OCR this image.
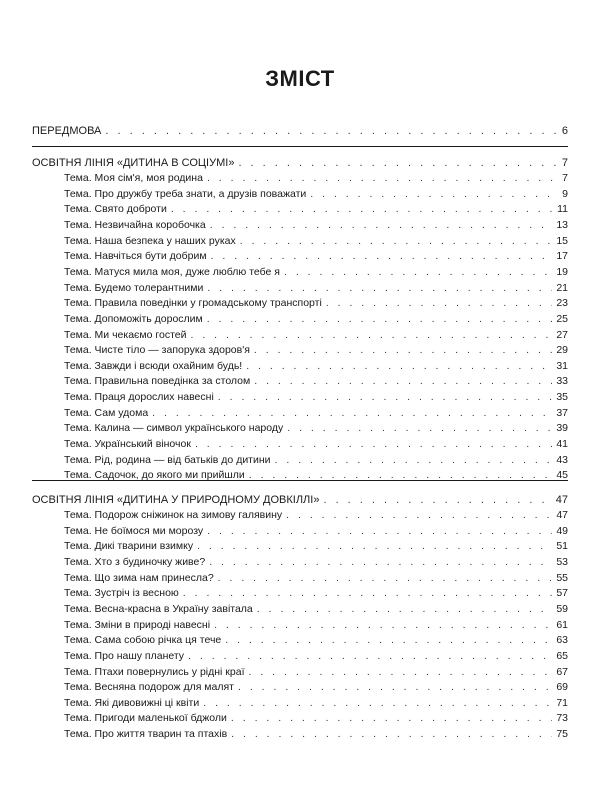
ЗМІСТ
ПЕРЕДМОВА . . .	6
ОСВІТНЯ ЛІНІЯ «ДИТИНА В СОЦІУМІ» . . .	7
Тема. Моя сім'я, моя родина . . .	7
Тема. Про дружбу треба знати, а друзів поважати . . .	9
Тема. Свято доброти . . .	11
Тема. Незвичайна коробочка . . .	13
Тема. Наша безпека у наших руках . . .	15
Тема. Навчіться бути добрим . . .	17
Тема. Матуся мила моя, дуже люблю тебе я . . .	19
Тема. Будемо толерантними . . .	21
Тема. Правила поведінки у громадському транспорті . . .	23
Тема. Допоможіть дорослим . . .	25
Тема. Ми чекаємо гостей . . .	27
Тема. Чисте тіло — запорука здоров'я . . .	29
Тема. Завжди і всюди охайним будь! . . .	31
Тема. Правильна поведінка за столом . . .	33
Тема. Праця дорослих навесні . . .	35
Тема. Сам удома . . .	37
Тема. Калина — символ українського народу . . .	39
Тема. Український віночок . . .	41
Тема. Рід, родина — від батьків до дитини . . .	43
Тема. Садочок, до якого ми прийшли . . .	45
ОСВІТНЯ ЛІНІЯ «ДИТИНА У ПРИРОДНОМУ ДОВКІЛЛІ» . . .	47
Тема. Подорож сніжинок на зимову галявину . . .	47
Тема. Не боїмося ми морозу . . .	49
Тема. Дикі тварини взимку . . .	51
Тема. Хто з будиночку живе? . . .	53
Тема. Що зима нам принесла? . . .	55
Тема. Зустріч із весною . . .	57
Тема. Весна-красна в Україну завітала . . .	59
Тема. Зміни в природі навесні . . .	61
Тема. Сама собою річка ця тече . . .	63
Тема. Про нашу планету . . .	65
Тема. Птахи повернулись у рідні краї . . .	67
Тема. Весняна подорож для малят . . .	69
Тема. Які дивовижні ці квіти . . .	71
Тема. Пригоди маленької бджоли . . .	73
Тема. Про життя тварин та птахів . . .	75
